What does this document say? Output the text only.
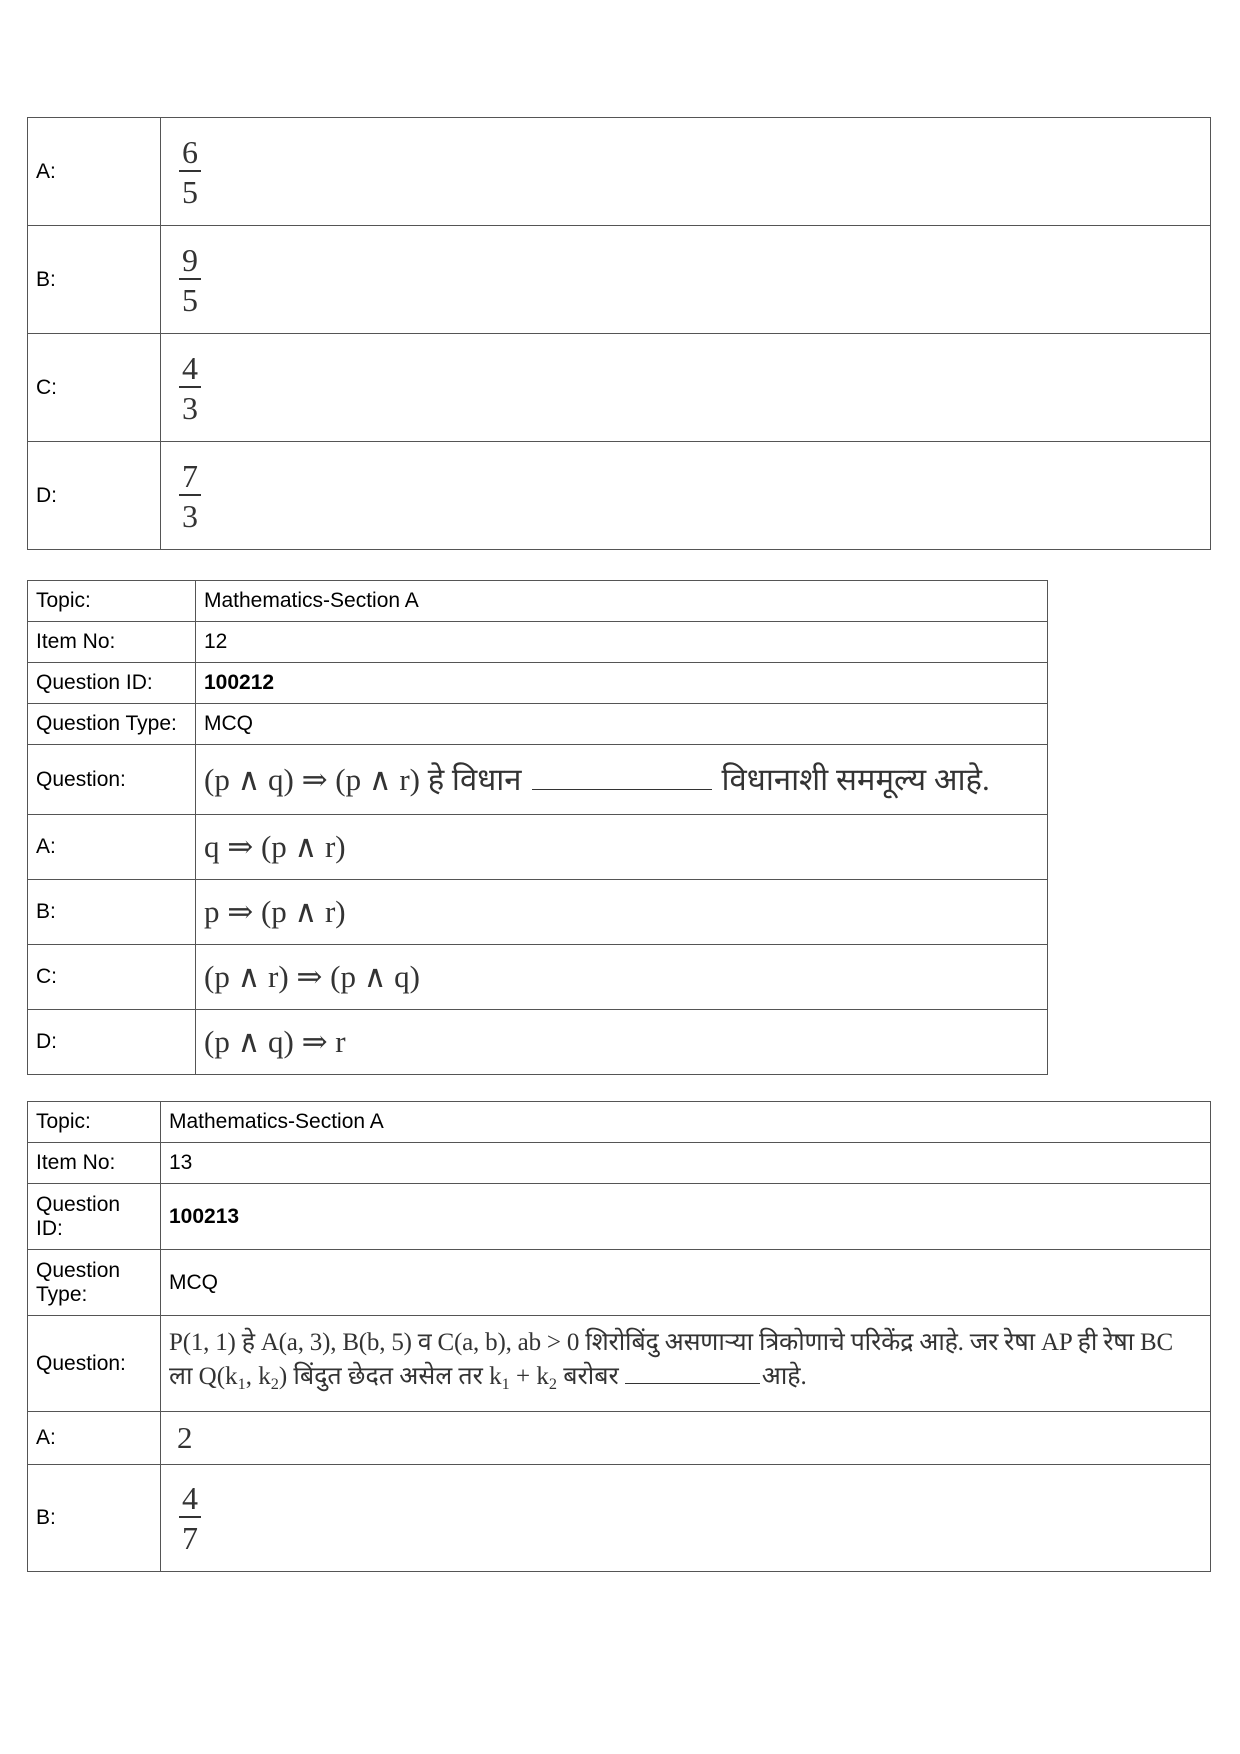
A:	$\frac{6}{5}$

B:	$\frac{9}{5}$

C:	$\frac{4}{3}$

D:	$\frac{7}{3}$
Topic:	Mathematics-Section A
Item No:	12
Question ID:	100212
Question Type:	MCQ
Question:	(p ∧ q) ⇒ (p ∧ r) हे विधान विधानाशी सममूल्य आहे.
A:	q ⇒ (p ∧ r)
B:	p ⇒ (p ∧ r)
C:	(p ∧ r) ⇒ (p ∧ q)
D:	(p ∧ q) ⇒ r
Topic:	Mathematics-Section A
Item No:	13
Question ID:	100213
Question Type:	MCQ
Question:	P(1, 1) हे A(a, 3), B(b, 5) व C(a, b), ab > 0 शिरोबिंदु असणाऱ्या त्रिकोणाचे परिकेंद्र आहे. जर रेषा AP ही रेषा BC
ला $Q(k_1$, $k_2$) बिंदुत छेदत असेल तर $k_1 + k_2$ बरोबर आहे.

A:	2
B:	$\frac{4}{7}$
